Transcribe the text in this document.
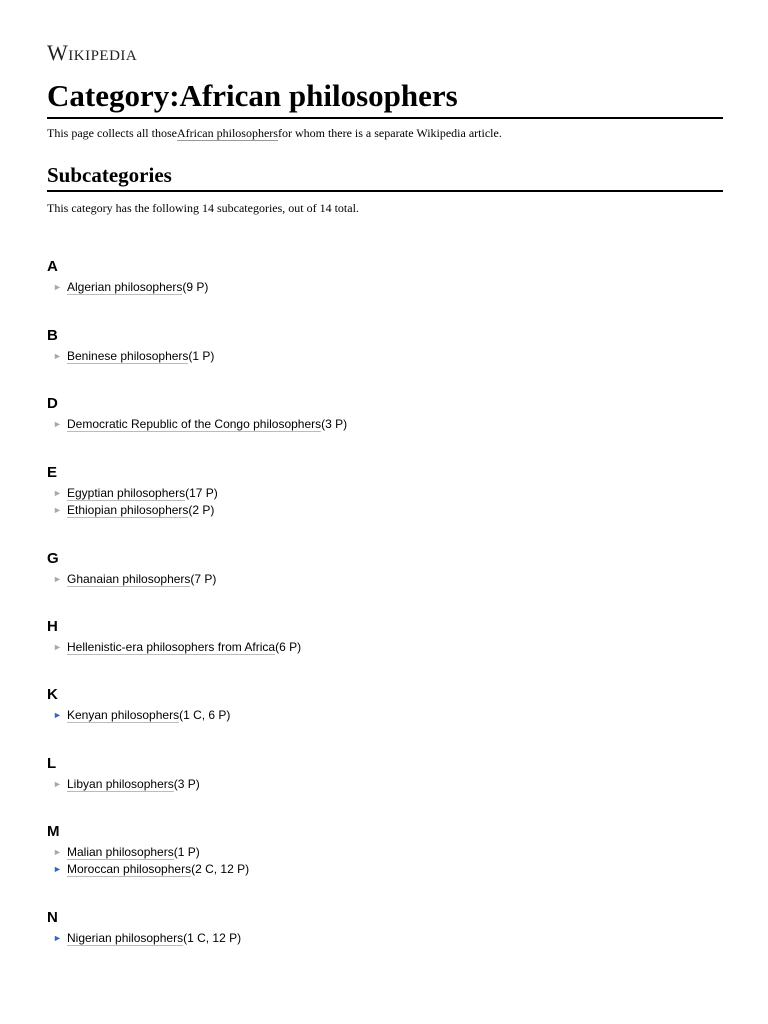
Wikipedia
Category:African philosophers
This page collects all thoseAfrican philosophersfor whom there is a separate Wikipedia article.
Subcategories
This category has the following 14 subcategories, out of 14 total.
A
► Algerian philosophers(9 P)
B
► Beninese philosophers(1 P)
D
► Democratic Republic of the Congo philosophers(3 P)
E
► Egyptian philosophers(17 P)
► Ethiopian philosophers(2 P)
G
► Ghanaian philosophers(7 P)
H
► Hellenistic-era philosophers from Africa(6 P)
K
► Kenyan philosophers(1 C, 6 P)
L
► Libyan philosophers(3 P)
M
► Malian philosophers(1 P)
► Moroccan philosophers(2 C, 12 P)
N
► Nigerian philosophers(1 C, 12 P)
